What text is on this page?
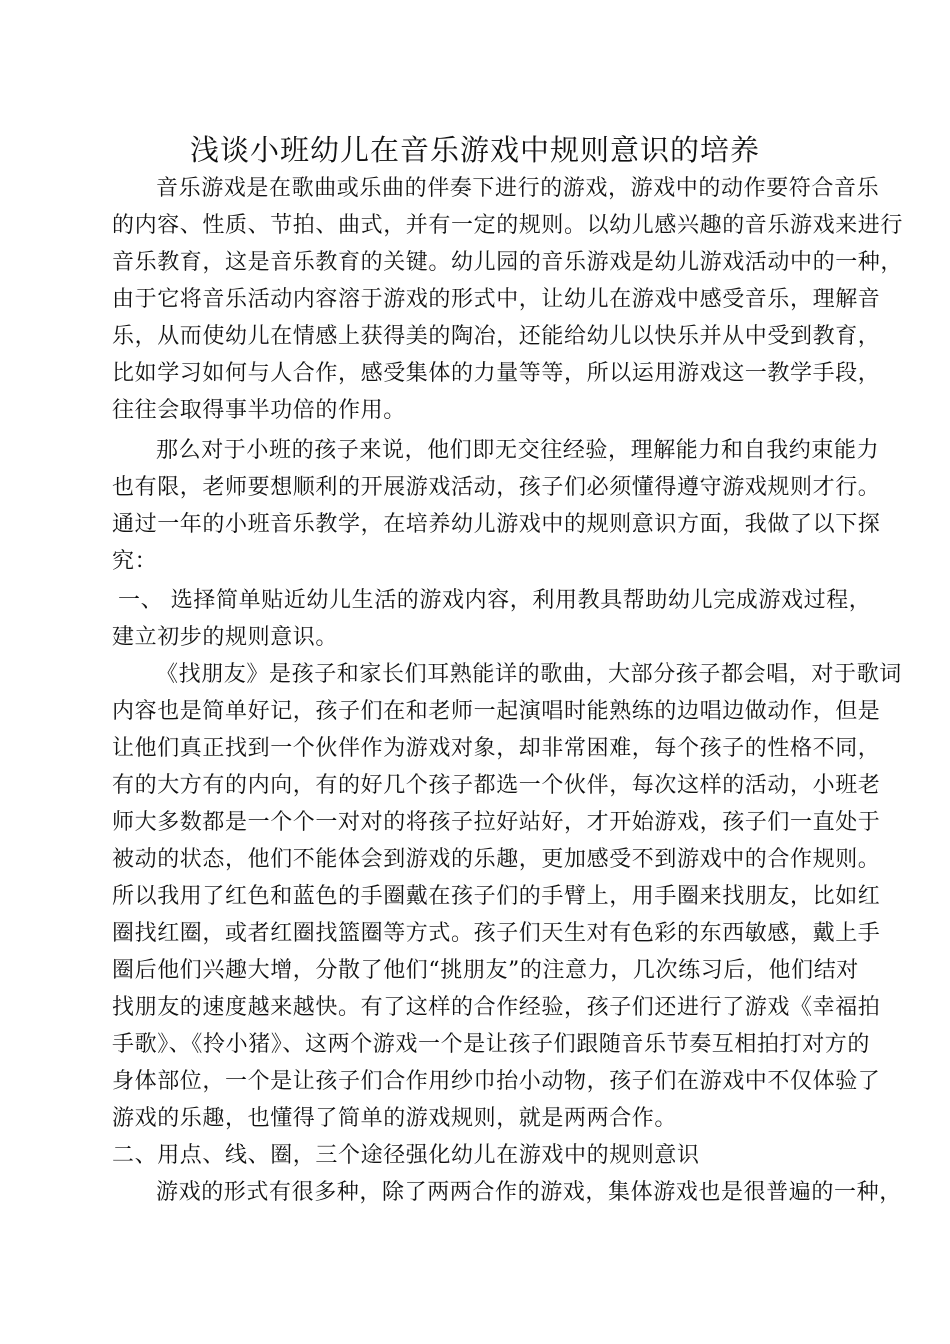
浅谈小班幼儿在音乐游戏中规则意识的培养
音乐游戏是在歌曲或乐曲的伴奏下进行的游戏，游戏中的动作要符合音乐
的内容、性质、节拍、曲式，并有一定的规则。以幼儿感兴趣的音乐游戏来进行
音乐教育，这是音乐教育的关键。幼儿园的音乐游戏是幼儿游戏活动中的一种，
由于它将音乐活动内容溶于游戏的形式中，让幼儿在游戏中感受音乐，理解音
乐，从而使幼儿在情感上获得美的陶冶，还能给幼儿以快乐并从中受到教育，
比如学习如何与人合作，感受集体的力量等等，所以运用游戏这一教学手段，
往往会取得事半功倍的作用。
那么对于小班的孩子来说，他们即无交往经验，理解能力和自我约束能力
也有限，老师要想顺利的开展游戏活动，孩子们必须懂得遵守游戏规则才行。
通过一年的小班音乐教学，在培养幼儿游戏中的规则意识方面，我做了以下探
究：
一、 选择简单贴近幼儿生活的游戏内容，利用教具帮助幼儿完成游戏过程，
建立初步的规则意识。
《找朋友》是孩子和家长们耳熟能详的歌曲，大部分孩子都会唱，对于歌词
内容也是简单好记，孩子们在和老师一起演唱时能熟练的边唱边做动作，但是
让他们真正找到一个伙伴作为游戏对象，却非常困难，每个孩子的性格不同，
有的大方有的内向，有的好几个孩子都选一个伙伴，每次这样的活动，小班老
师大多数都是一个个一对对的将孩子拉好站好，才开始游戏，孩子们一直处于
被动的状态，他们不能体会到游戏的乐趣，更加感受不到游戏中的合作规则。
所以我用了红色和蓝色的手圈戴在孩子们的手臂上，用手圈来找朋友，比如红
圈找红圈，或者红圈找篮圈等方式。孩子们天生对有色彩的东西敏感，戴上手
圈后他们兴趣大增，分散了他们“挑朋友”的注意力，几次练习后，他们结对
找朋友的速度越来越快。有了这样的合作经验，孩子们还进行了游戏《幸福拍
手歌》、《拎小猪》、这两个游戏一个是让孩子们跟随音乐节奏互相拍打对方的
身体部位，一个是让孩子们合作用纱巾抬小动物，孩子们在游戏中不仅体验了
游戏的乐趣，也懂得了简单的游戏规则，就是两两合作。
二、用点、线、圈，三个途径强化幼儿在游戏中的规则意识
游戏的形式有很多种，除了两两合作的游戏，集体游戏也是很普遍的一种，
